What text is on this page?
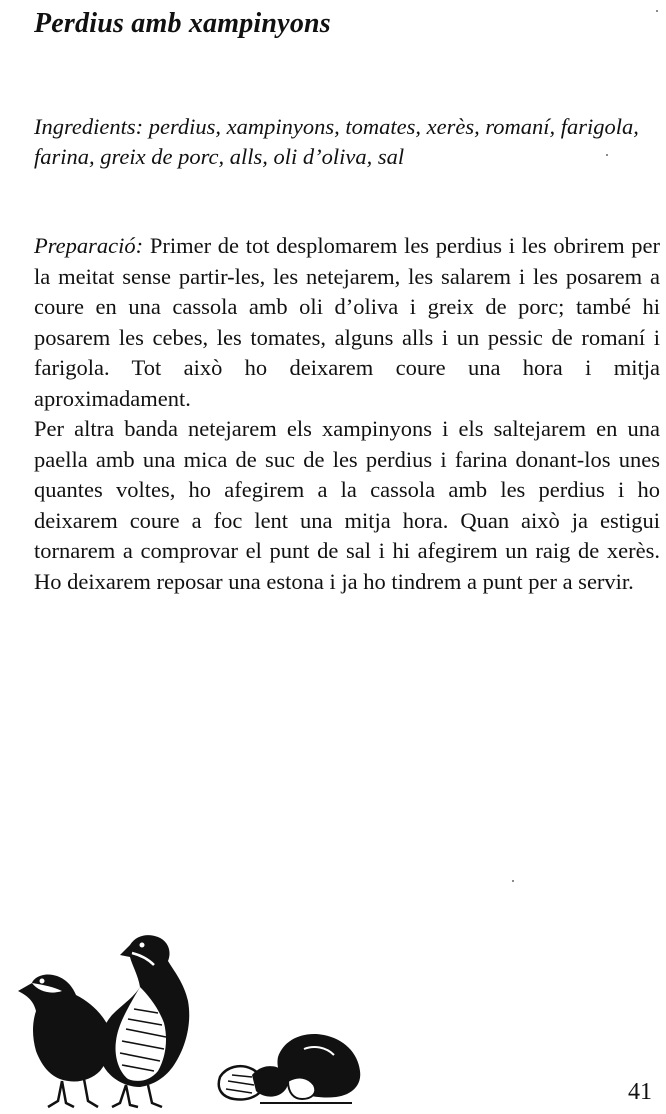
Perdius amb xampinyons

Ingredients: perdius, xampinyons, tomates, xerès, romaní, farigola, farina, greix de porc, alls, oli d’oliva, sal

Preparació: Primer de tot desplomarem les perdius i les obrirem per la meitat sense partir-les, les netejarem, les salarem i les posarem a coure en una cassola amb oli d’oliva i greix de porc; també hi posarem les cebes, les tomates, alguns alls i un pessic de romaní i farigola. Tot això ho deixarem coure una hora i mitja aproximadament.

Per altra banda netejarem els xampinyons i els saltejarem en una paella amb una mica de suc de les perdius i farina donant-los unes quantes voltes, ho afegirem a la cassola amb les perdius i ho deixarem coure a foc lent una mitja hora. Quan això ja estigui tornarem a comprovar el punt de sal i hi afegirem un raig de xerès. Ho deixarem reposar una estona i ja ho tindrem a punt per a servir.

41
